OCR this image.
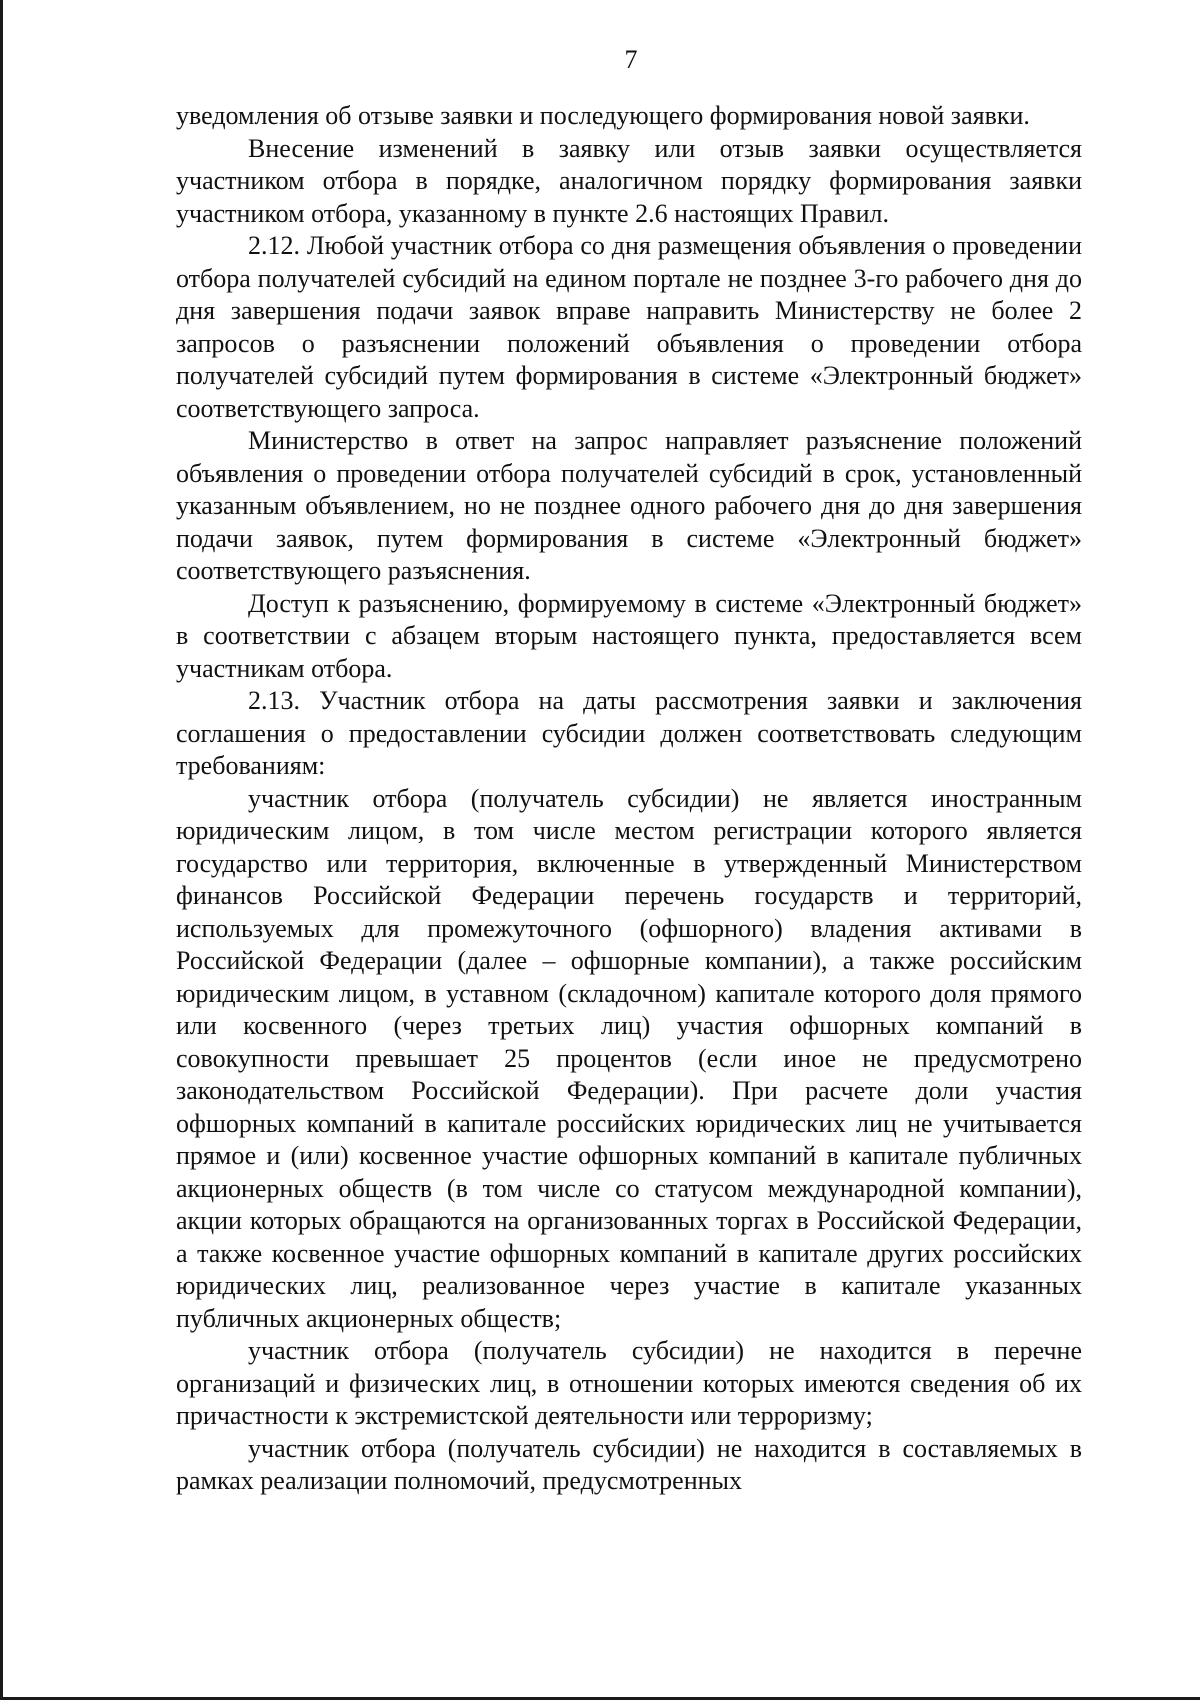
7

уведомления об отзыве заявки и последующего формирования новой заявки.

Внесение изменений в заявку или отзыв заявки осуществляется участником отбора в порядке, аналогичном порядку формирования заявки участником отбора, указанному в пункте 2.6 настоящих Правил.

2.12. Любой участник отбора со дня размещения объявления о проведении отбора получателей субсидий на едином портале не позднее 3-го рабочего дня до дня завершения подачи заявок вправе направить Министерству не более 2 запросов о разъяснении положений объявления о проведении отбора получателей субсидий путем формирования в системе «Электронный бюджет» соответствующего запроса.

Министерство в ответ на запрос направляет разъяснение положений объявления о проведении отбора получателей субсидий в срок, установленный указанным объявлением, но не позднее одного рабочего дня до дня завершения подачи заявок, путем формирования в системе «Электронный бюджет» соответствующего разъяснения.

Доступ к разъяснению, формируемому в системе «Электронный бюджет» в соответствии с абзацем вторым настоящего пункта, предоставляется всем участникам отбора.

2.13. Участник отбора на даты рассмотрения заявки и заключения соглашения о предоставлении субсидии должен соответствовать следующим требованиям:

участник отбора (получатель субсидии) не является иностранным юридическим лицом, в том числе местом регистрации которого является государство или территория, включенные в утвержденный Министерством финансов Российской Федерации перечень государств и территорий, используемых для промежуточного (офшорного) владения активами в Российской Федерации (далее – офшорные компании), а также российским юридическим лицом, в уставном (складочном) капитале которого доля прямого или косвенного (через третьих лиц) участия офшорных компаний в совокупности превышает 25 процентов (если иное не предусмотрено законодательством Российской Федерации). При расчете доли участия офшорных компаний в капитале российских юридических лиц не учитывается прямое и (или) косвенное участие офшорных компаний в капитале публичных акционерных обществ (в том числе со статусом международной компании), акции которых обращаются на организованных торгах в Российской Федерации, а также косвенное участие офшорных компаний в капитале других российских юридических лиц, реализованное через участие в капитале указанных публичных акционерных обществ;

участник отбора (получатель субсидии) не находится в перечне организаций и физических лиц, в отношении которых имеются сведения об их причастности к экстремистской деятельности или терроризму;

участник отбора (получатель субсидии) не находится в составляемых в рамках реализации полномочий, предусмотренных
